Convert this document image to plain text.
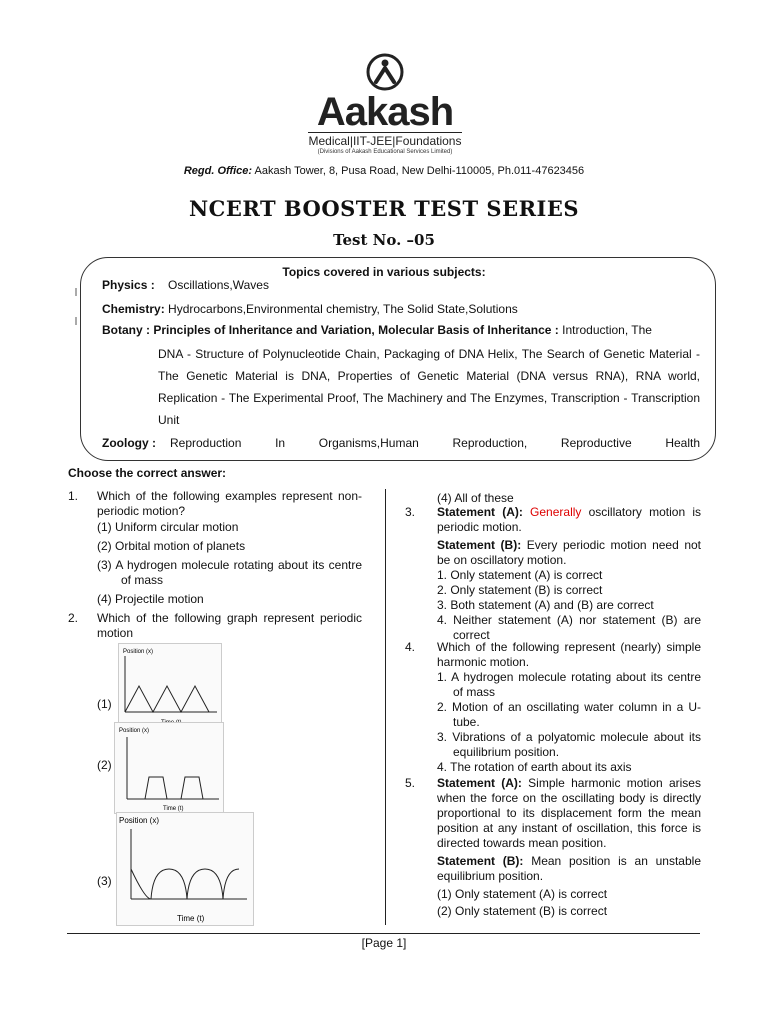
Aakash
Medical|IIT-JEE|Foundations
(Divisions of Aakash Educational Services Limited)
Regd. Office: Aakash Tower, 8, Pusa Road, New Delhi-110005, Ph.011-47623456
NCERT BOOSTER TEST SERIES
Test No. –05
Topics covered in various subjects:
Physics : Oscillations,Waves
Chemistry: Hydrocarbons,Environmental chemistry, The Solid State,Solutions
Botany : Principles of Inheritance and Variation, Molecular Basis of Inheritance : Introduction, The
DNA - Structure of Polynucleotide Chain, Packaging of DNA Helix, The Search of Genetic Material - The Genetic Material is DNA, Properties of Genetic Material (DNA versus RNA), RNA world, Replication - The Experimental Proof, The Machinery and The Enzymes, Transcription - Transcription Unit
Zoology :	Reproduction	In	Organisms,Human	Reproduction,	Reproductive	Health
Choose the correct answer:
1.	Which of the following examples represent non-periodic motion?
(1) Uniform circular motion
(2) Orbital motion of planets
(3) A hydrogen molecule rotating about its centre of mass
(4) Projectile motion
2.	Which of the following graph represent periodic motion
(1)
Position (x)
(2)
Position (x)
Time (t)
(3)
Position (x)
Time (t)
(4) All of these
3.	Statement (A): Generally oscillatory motion is periodic motion.
Statement (B): Every periodic motion need not be on oscillatory motion.
1. Only statement (A) is correct
2. Only statement (B) is correct
3. Both statement (A) and (B) are correct
4. Neither statement (A) nor statement (B) are correct
4.	Which of the following represent (nearly) simple harmonic motion.
1. A hydrogen molecule rotating about its centre of mass
2. Motion of an oscillating water column in a U-tube.
3. Vibrations of a polyatomic molecule about its equilibrium position.
4. The rotation of earth about its axis
5.	Statement (A): Simple harmonic motion arises when the force on the oscillating body is directly proportional to its displacement form the mean position at any instant of oscillation, this force is directed towards mean position.
Statement (B): Mean position is an unstable equilibrium position.
(1) Only statement (A) is correct
(2) Only statement (B) is correct
[Page 1]
